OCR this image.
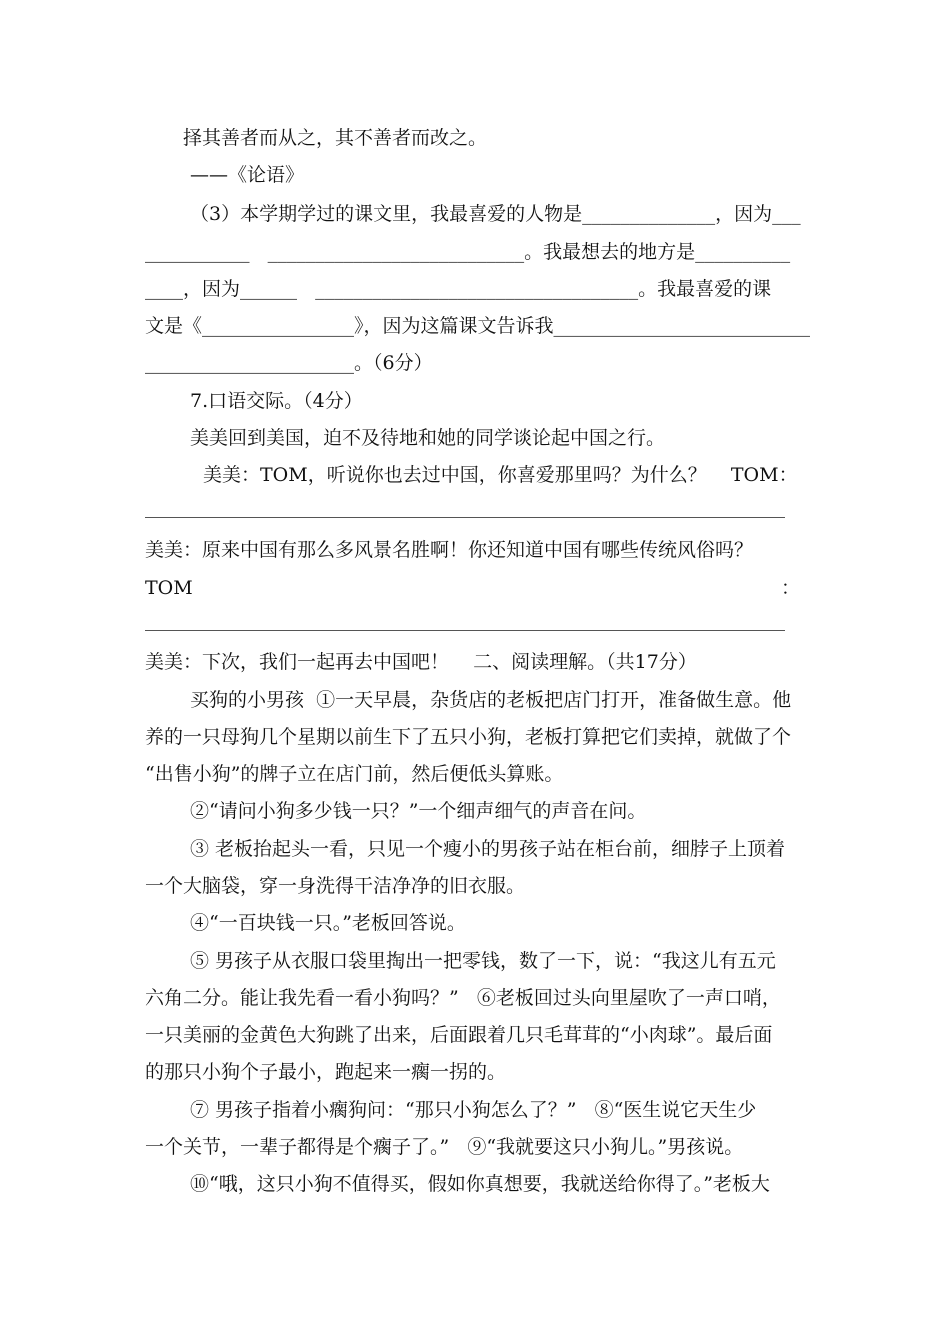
择其善者而从之，其不善者而改之。
——《论语》
（3）本学期学过的课文里，我最喜爱的人物是______________，因为___
___________   ___________________________。我最想去的地方是__________
____，因为______   __________________________________。我最喜爱的课
文是《________________》，因为这篇课文告诉我___________________________
______________________。（6分）
7.口语交际。（4分）
美美回到美国，迫不及待地和她的同学谈论起中国之行。
美美：TOM，听说你也去过中国，你喜爱那里吗？为什么？    TOM：
美美：原来中国有那么多风景名胜啊！你还知道中国有哪些传统风俗吗？
TOM	：
美美：下次，我们一起再去中国吧！    二、阅读理解。（共17分）
买狗的小男孩  ①一天早晨，杂货店的老板把店门打开，准备做生意。他
养的一只母狗几个星期以前生下了五只小狗，老板打算把它们卖掉，就做了个
“出售小狗”的牌子立在店门前，然后便低头算账。
②“请问小狗多少钱一只？”一个细声细气的声音在问。
③ 老板抬起头一看，只见一个瘦小的男孩子站在柜台前，细脖子上顶着
一个大脑袋，穿一身洗得干洁净净的旧衣服。
④“一百块钱一只。”老板回答说。
⑤ 男孩子从衣服口袋里掏出一把零钱，数了一下，说：“我这儿有五元
六角二分。能让我先看一看小狗吗？”   ⑥老板回过头向里屋吹了一声口哨，
一只美丽的金黄色大狗跳了出来，后面跟着几只毛茸茸的“小肉球”。最后面
的那只小狗个子最小，跑起来一瘸一拐的。
⑦ 男孩子指着小瘸狗问：“那只小狗怎么了？”   ⑧“医生说它天生少
一个关节，一辈子都得是个瘸子了。”   ⑨“我就要这只小狗儿。”男孩说。
⑩“哦，这只小狗不值得买，假如你真想要，我就送给你得了。”老板大
